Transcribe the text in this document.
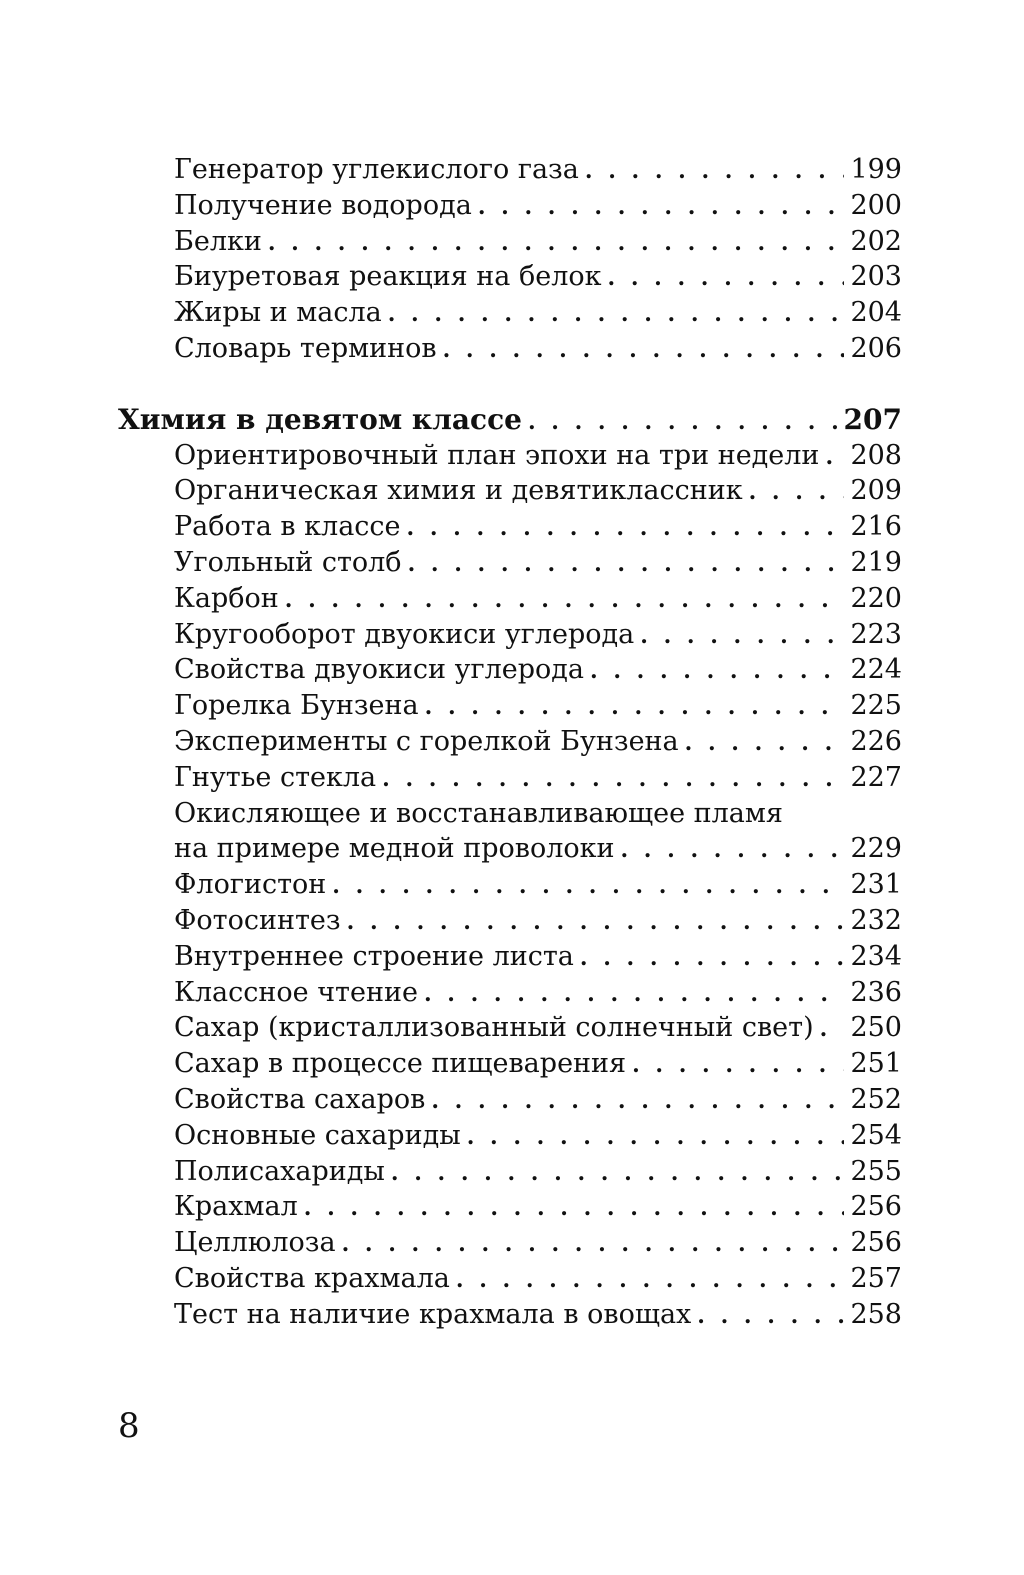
Генератор углекислого газа . . .	199
Получение водорода . . .	200
Белки . . .	202
Биуретовая реакция на белок . . .	203
Жиры и масла . . .	204
Словарь терминов . . .	206
Химия в девятом классе . . .	207
Ориентировочный план эпохи на три недели . . . 208
Органическая химия и девятиклассник . . .	209
Работа в классе . . .	216
Угольный столб . . .	219
Карбон . . .	220
Кругооборот двуокиси углерода . . .	223
Свойства двуокиси углерода . . .	224
Горелка Бунзена . . .	225
Эксперименты с горелкой Бунзена . . .	226
Гнутье стекла . . .	227
Окисляющее и восстанавливающее пламя
на примере медной проволоки . . .	229
Флогистон . . .	231
Фотосинтез . . .	232
Внутреннее строение листа . . .	234
Классное чтение . . .	236
Сахар (кристаллизованный солнечный свет) . . . 250
Сахар в процессе пищеварения . . .	251
Свойства сахаров . . .	252
Основные сахариды . . .	254
Полисахариды . . .	255
Крахмал . . .	256
Целлюлоза . . .	256
Свойства крахмала . . .	257
Тест на наличие крахмала в овощах . . .	258
8
